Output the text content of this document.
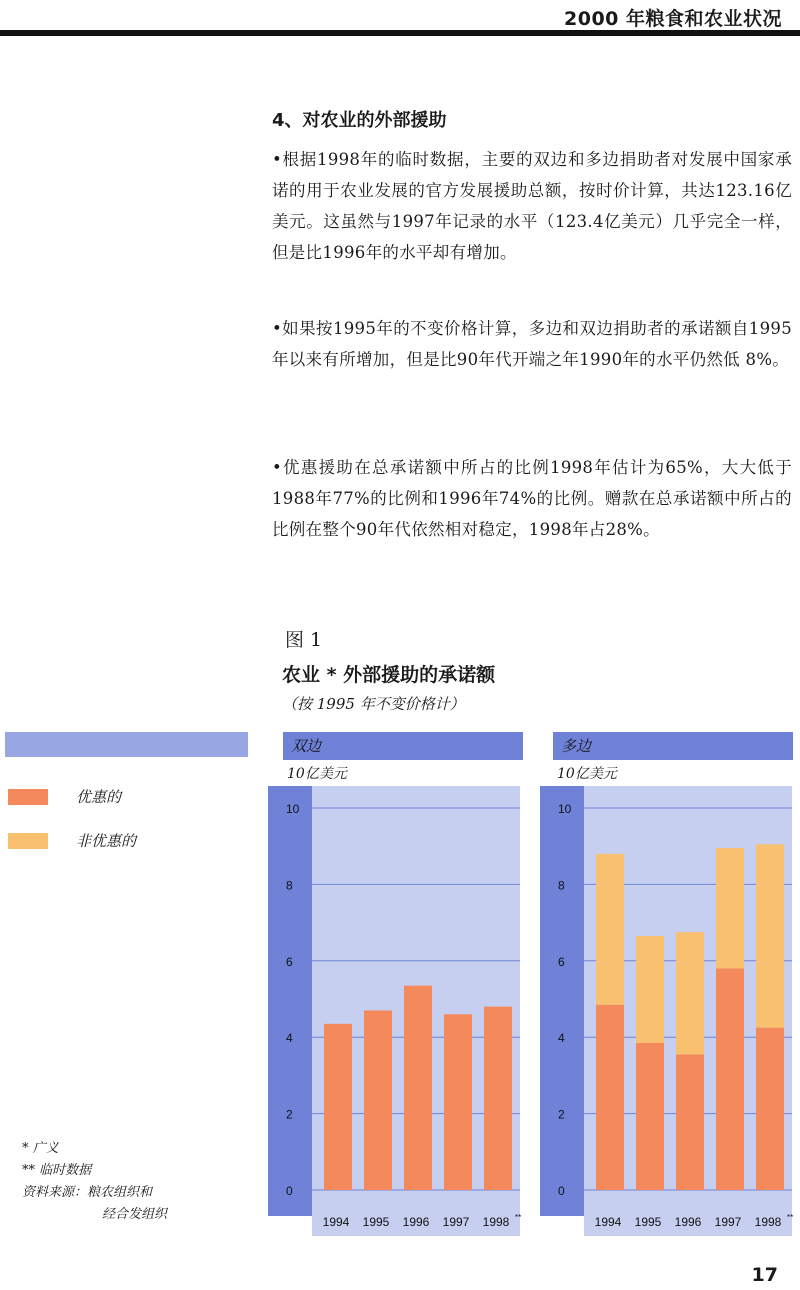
2000 年粮食和农业状况
4、对农业的外部援助

•根据1998年的临时数据，主要的双边和多边捐助者对发展中国家承诺的用于农业发展的官方发展援助总额，按时价计算，共达123.16亿美元。这虽然与1997年记录的水平（123.4亿美元）几乎完全一样，但是比1996年的水平却有增加。

•如果按1995年的不变价格计算，多边和双边捐助者的承诺额自1995年以来有所增加，但是比90年代开端之年1990年的水平仍然低 8%。

•优惠援助在总承诺额中所占的比例1998年估计为65%，大大低于1988年77%的比例和1996年74%的比例。赠款在总承诺额中所占的比例在整个90年代依然相对稳定，1998年占28%。

图 1
农业 * 外部援助的承诺额
（按 1995 年不变价格计）
优惠的
非优惠的
* 广义
** 临时数据
资料来源：粮农组织和
经合发组织
双边
10亿美元
0
2
4
6
8
10
1994 1995 1996 1997 1998 **
多边
10亿美元
0
2
4
6
8
10
1994 1995 1996 1997 1998 **
17
